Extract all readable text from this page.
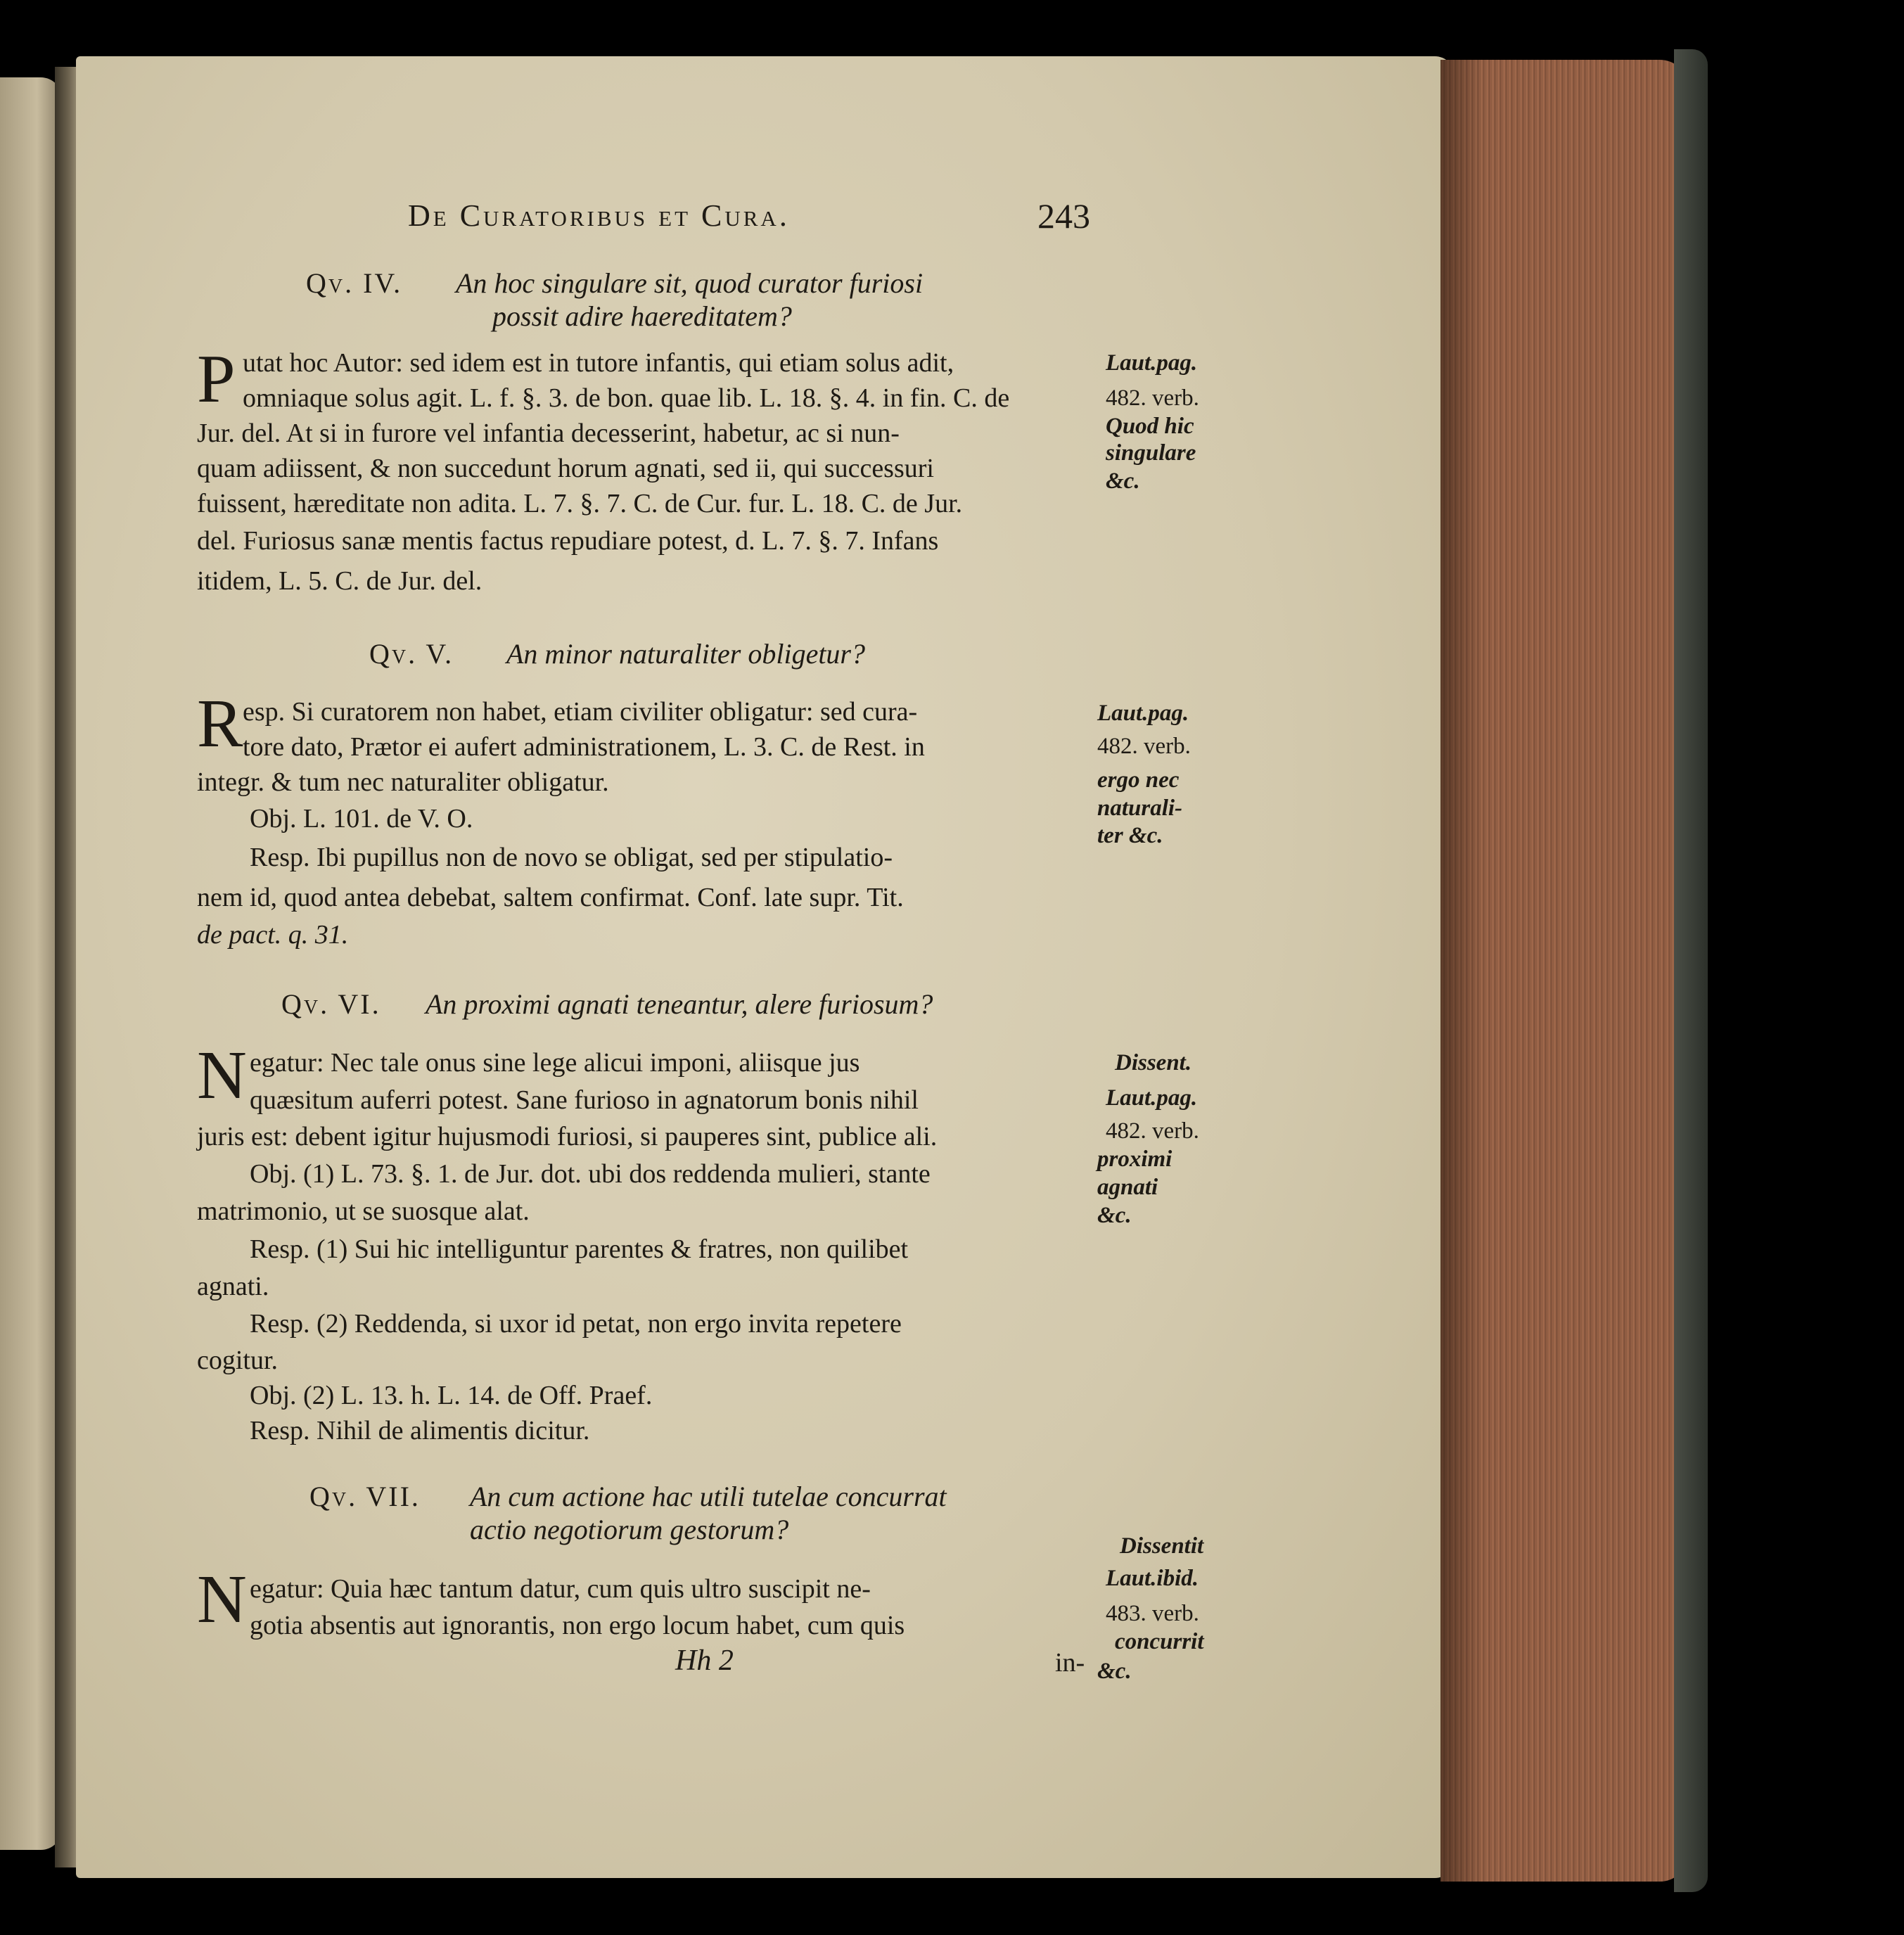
De Curatoribus et Cura.	243
Qv. IV. An hoc singulare sit, quod curator furiosi
possit adire haereditatem?
P utat hoc Autor: sed idem est in tutore infantis, qui etiam solus adit,
omniaque solus agit. L. f. §. 3. de bon. quae lib. L. 18. §. 4. in fin. C. de
Jur. del. At si in furore vel infantia decesserint, habetur, ac si nun-
quam adiissent, & non succedunt horum agnati, sed ii, qui successuri
fuissent, hæreditate non adita. L. 7. §. 7. C. de Cur. fur. L. 18. C. de Jur.
del. Furiosus sanæ mentis factus repudiare potest, d. L. 7. §. 7. Infans
itidem, L. 5. C. de Jur. del.
Laut.pag.
482. verb.
Quod hic
singulare
&c.
Qv. V. An minor naturaliter obligetur?
R esp. Si curatorem non habet, etiam civiliter obligatur: sed cura-
tore dato, Prætor ei aufert administrationem, L. 3. C. de Rest. in
integr. & tum nec naturaliter obligatur.
Obj. L. 101. de V. O.
Resp. Ibi pupillus non de novo se obligat, sed per stipulatio-
nem id, quod antea debebat, saltem confirmat. Conf. late supr. Tit.
de pact. q. 31.
Laut.pag.
482. verb.
ergo nec
naturali-
ter &c.
Qv. VI. An proximi agnati teneantur, alere furiosum?
N egatur: Nec tale onus sine lege alicui imponi, aliisque jus
quæsitum auferri potest. Sane furioso in agnatorum bonis nihil
juris est: debent igitur hujusmodi furiosi, si pauperes sint, publice ali.
Obj. (1) L. 73. §. 1. de Jur. dot. ubi dos reddenda mulieri, stante
matrimonio, ut se suosque alat.
Resp. (1) Sui hic intelliguntur parentes & fratres, non quilibet
agnati.
Resp. (2) Reddenda, si uxor id petat, non ergo invita repetere
cogitur.
Obj. (2) L. 13. h. L. 14. de Off. Praef.
Resp. Nihil de alimentis dicitur.
Dissent.
Laut.pag.
482. verb.
proximi
agnati
&c.
Qv. VII. An cum actione hac utili tutelae concurrat
actio negotiorum gestorum?
N egatur: Quia hæc tantum datur, cum quis ultro suscipit ne-
gotia absentis aut ignorantis, non ergo locum habet, cum quis
Dissentit
Laut.ibid.
483. verb.
concurrit
&c.
Hh 2	in-
